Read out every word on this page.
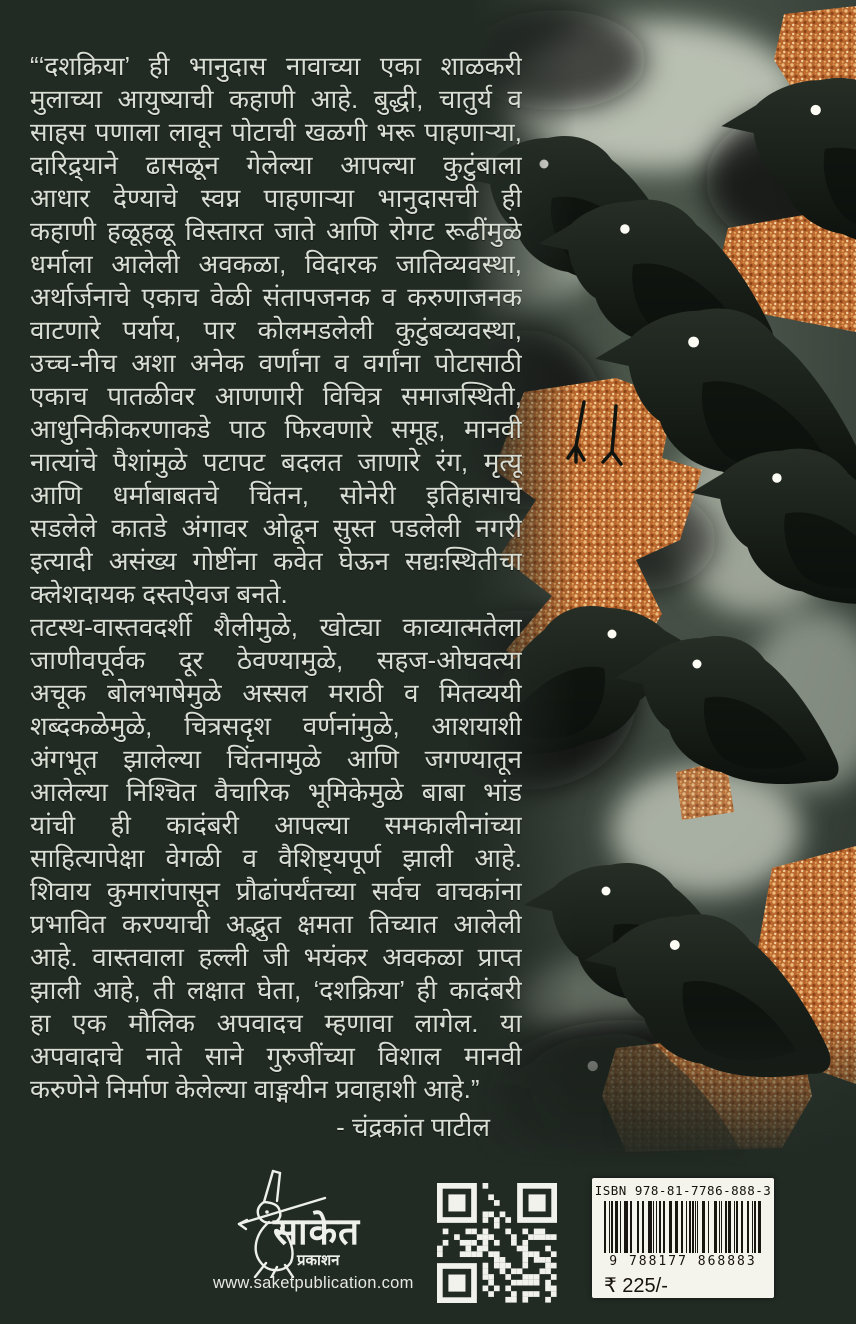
“‘दशक्रिया’ ही भानुदास नावाच्या एका शाळकरी
मुलाच्या आयुष्याची कहाणी आहे. बुद्धी, चातुर्य व
साहस पणाला लावून पोटाची खळगी भरू पाहणाऱ्या,
दारिद्र्याने ढासळून गेलेल्या आपल्या कुटुंबाला
आधार देण्याचे स्वप्न पाहणाऱ्या भानुदासची ही
कहाणी हळूहळू विस्तारत जाते आणि रोगट रूढींमुळे
धर्माला आलेली अवकळा, विदारक जातिव्यवस्था,
अर्थार्जनाचे एकाच वेळी संतापजनक व करुणाजनक
वाटणारे पर्याय, पार कोलमडलेली कुटुंबव्यवस्था,
उच्च-नीच अशा अनेक वर्णांना व वर्गांना पोटासाठी
एकाच पातळीवर आणणारी विचित्र समाजस्थिती,
आधुनिकीकरणाकडे पाठ फिरवणारे समूह, मानवी
नात्यांचे पैशांमुळे पटापट बदलत जाणारे रंग, मृत्यू
आणि धर्माबाबतचे चिंतन, सोनेरी इतिहासाचे
सडलेले कातडे अंगावर ओढून सुस्त पडलेली नगरी
इत्यादी असंख्य गोष्टींना कवेत घेऊन सद्यःस्थितीचा
क्लेशदायक दस्तऐवज बनते.
तटस्थ-वास्तवदर्शी शैलीमुळे, खोट्या काव्यात्मतेला
जाणीवपूर्वक दूर ठेवण्यामुळे, सहज-ओघवत्या
अचूक बोलभाषेमुळे अस्सल मराठी व मितव्ययी
शब्दकळेमुळे, चित्रसदृश वर्णनांमुळे, आशयाशी
अंगभूत झालेल्या चिंतनामुळे आणि जगण्यातून
आलेल्या निश्चित वैचारिक भूमिकेमुळे बाबा भांड
यांची ही कादंबरी आपल्या समकालीनांच्या
साहित्यापेक्षा वेगळी व वैशिष्ट्यपूर्ण झाली आहे.
शिवाय कुमारांपासून प्रौढांपर्यंतच्या सर्वच वाचकांना
प्रभावित करण्याची अद्भुत क्षमता तिच्यात आलेली
आहे. वास्तवाला हल्ली जी भयंकर अवकळा प्राप्त
झाली आहे, ती लक्षात घेता, ‘दशक्रिया’ ही कादंबरी
हा एक मौलिक अपवादच म्हणावा लागेल. या
अपवादाचे नाते साने गुरुजींच्या विशाल मानवी
करुणेने निर्माण केलेल्या वाङ्मयीन प्रवाहाशी आहे.”
- चंद्रकांत पाटील
साकेत
प्रकाशन
www.saketpublication.com
ISBN 978-81-7786-888-3
9 788177 868883
₹ 225/-
